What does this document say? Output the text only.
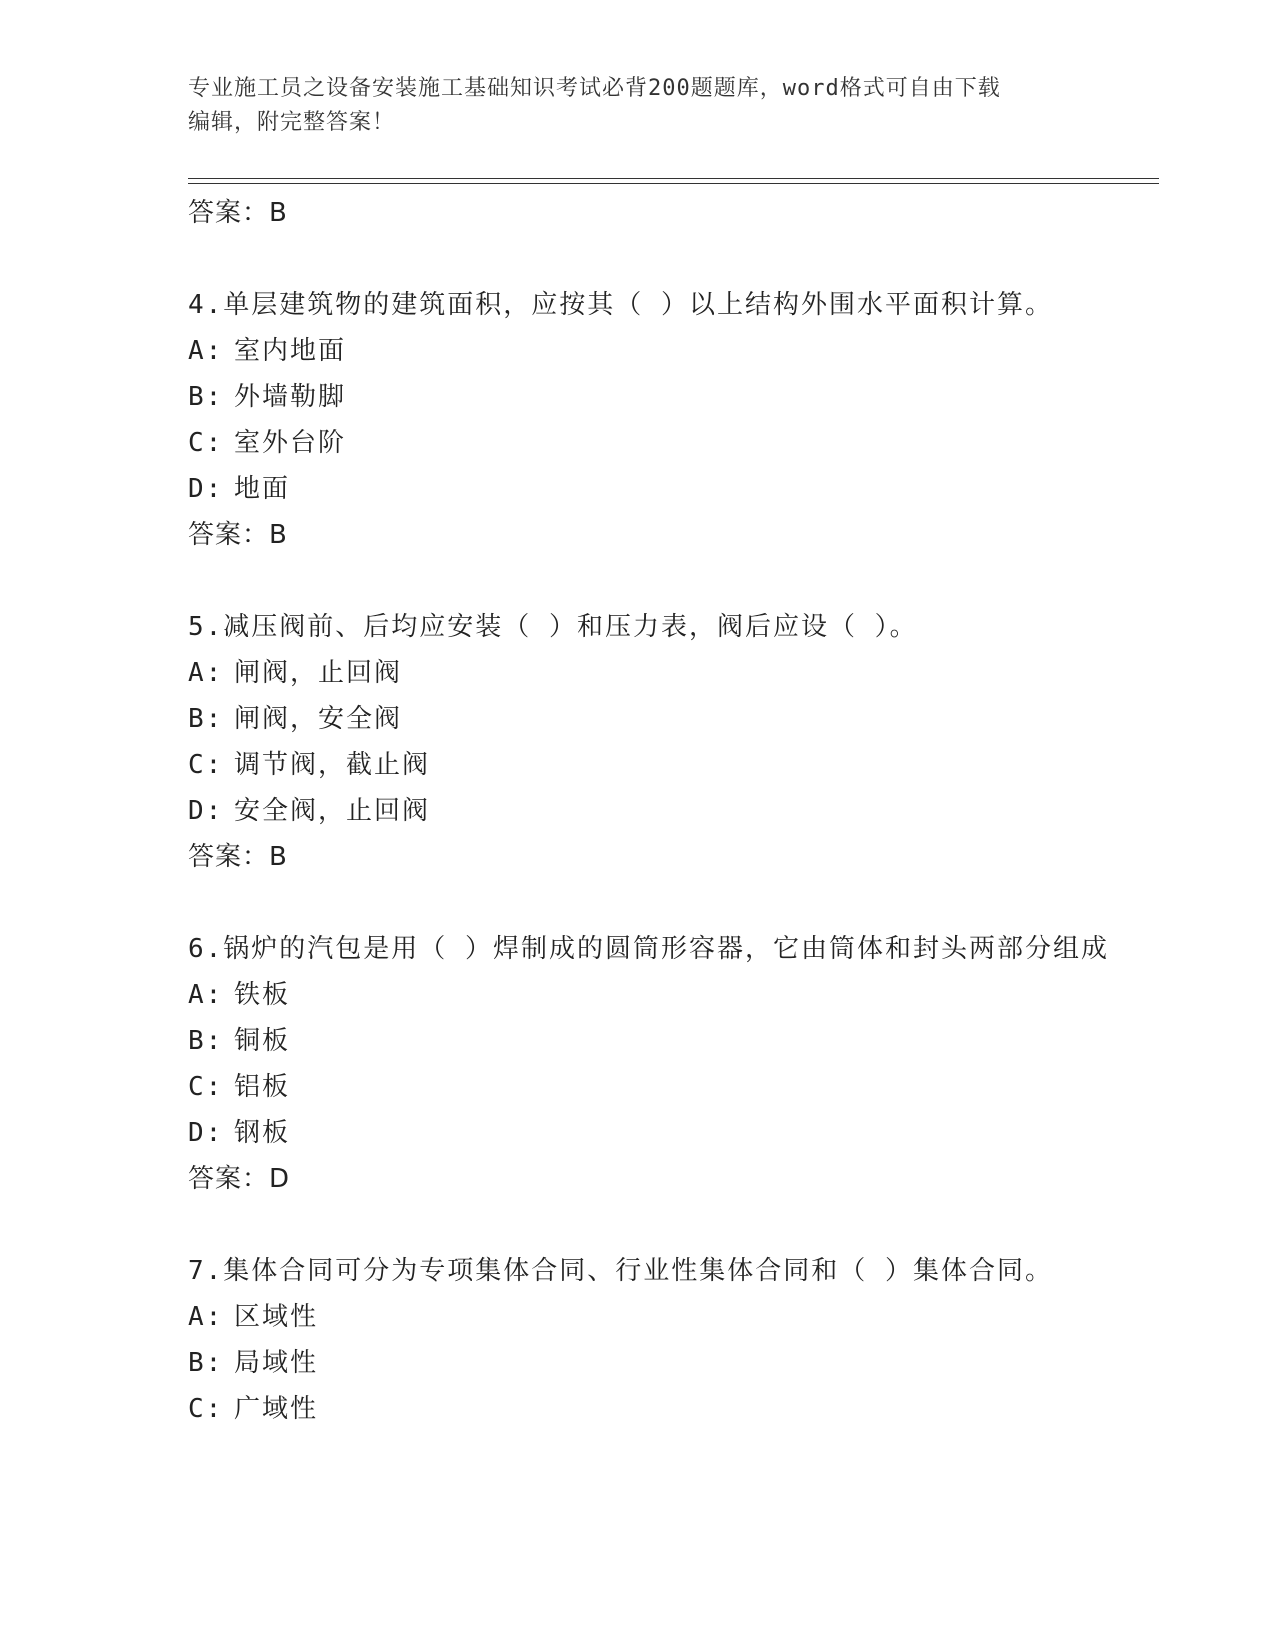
专业施工员之设备安装施工基础知识考试必背200题题库，word格式可自由下载
编辑，附完整答案！
答案：B
4.单层建筑物的建筑面积，应按其（ ）以上结构外围水平面积计算。
A: 室内地面
B: 外墙勒脚
C: 室外台阶
D: 地面
答案：B
5.减压阀前、后均应安装（ ）和压力表，阀后应设（ ）。
A: 闸阀，止回阀
B: 闸阀，安全阀
C: 调节阀，截止阀
D: 安全阀，止回阀
答案：B
6.锅炉的汽包是用（ ）焊制成的圆筒形容器，它由筒体和封头两部分组成
A: 铁板
B: 铜板
C: 铝板
D: 钢板
答案：D
7.集体合同可分为专项集体合同、行业性集体合同和（ ）集体合同。
A: 区域性
B: 局域性
C: 广域性
